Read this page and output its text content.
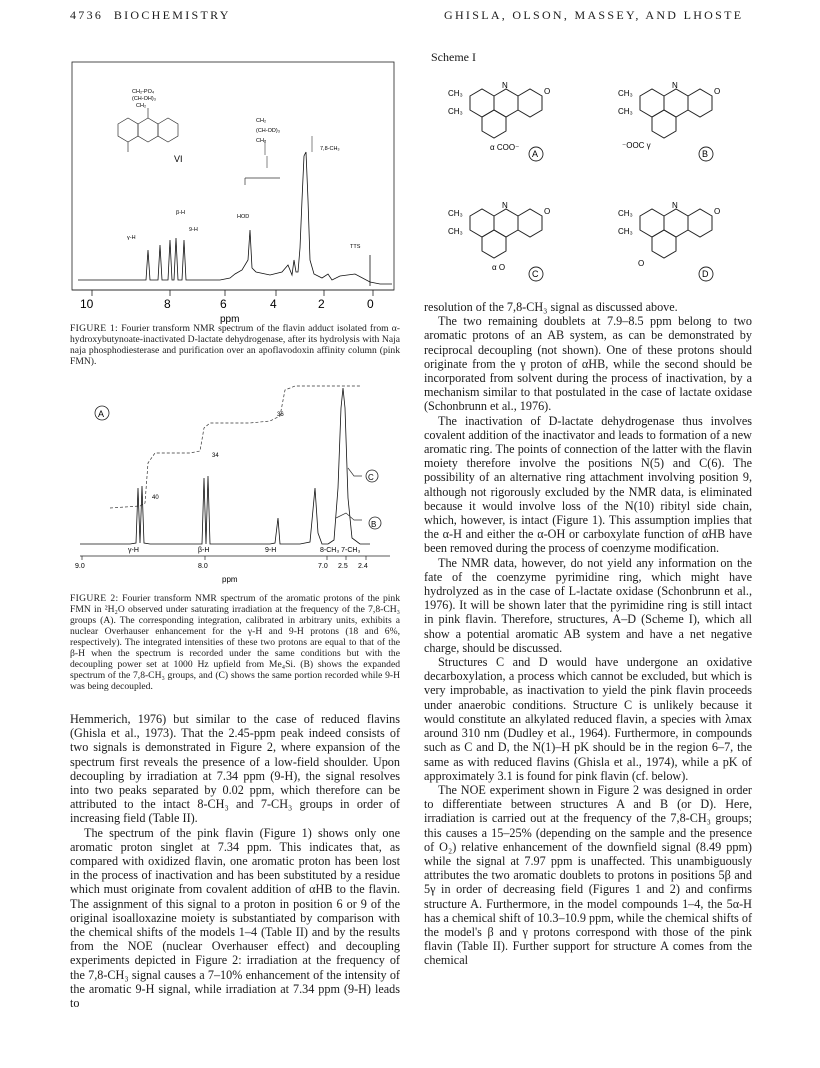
4736 BIOCHEMISTRY	GHISLA, OLSON, MASSEY, AND LHOSTE
CH₂-PO₄
(CH-OH)₃
CH₂
VI
CH₂
(CH-OD)₃
CH₂
7,8-CH₃
γ-H
β-H
9-H
HOD
TTS
10	8	6	4	2	0
ppm
FIGURE 1: Fourier transform NMR spectrum of the flavin adduct isolated from α-hydroxybutynoate-inactivated D-lactate dehydrogenase, after its hydrolysis with Naja naja phosphodiesterase and purification over an apoflavodoxin affinity column (pink FMN).
A
40
34
36
C
B
γ-H	β-H	9-H	8-CH₃ 7-CH₃
9.0	8.0	7.0 2.5 2.4
ppm
FIGURE 2: Fourier transform NMR spectrum of the aromatic protons of the pink FMN in ²H₂O observed under saturating irradiation at the frequency of the 7,8-CH₃ groups (A). The corresponding integration, calibrated in arbitrary units, exhibits a nuclear Overhauser enhancement for the γ-H and 9-H protons (18 and 6%, respectively). The integrated intensities of these two protons are equal to that of the β-H when the spectrum is recorded under the same conditions but with the decoupling power set at 1000 Hz upfield from Me₄Si. (B) shows the expanded spectrum of the 7,8-CH₃ groups, and (C) shows the same portion recorded while 9-H was being decoupled.

Hemmerich, 1976) but similar to the case of reduced flavins (Ghisla et al., 1973). That the 2.45-ppm peak indeed consists of two signals is demonstrated in Figure 2, where expansion of the spectrum first reveals the presence of a low-field shoulder. Upon decoupling by irradiation at 7.34 ppm (9-H), the signal resolves into two peaks separated by 0.02 ppm, which therefore can be attributed to the intact 8-CH₃ and 7-CH₃ groups in order of increasing field (Table II).

The spectrum of the pink flavin (Figure 1) shows only one aromatic proton singlet at 7.34 ppm. This indicates that, as compared with oxidized flavin, one aromatic proton has been lost in the process of inactivation and has been substituted by a residue which must originate from covalent addition of αHB to the flavin. The assignment of this signal to a proton in position 6 or 9 of the original isoalloxazine moiety is substantiated by comparison with the chemical shifts of the models 1–4 (Table II) and by the results from the NOE (nuclear Overhauser effect) and decoupling experiments depicted in Figure 2: irradiation at the frequency of the 7,8-CH₃ signal causes a 7–10% enhancement of the intensity of the aromatic 9-H signal, while irradiation at 7.34 ppm (9-H) leads to

Scheme I
CH₃
CH₃
N
O
α COO⁻
CH₃
CH₃
N
O
⁻OOC γ
CH₃
CH₃
N
O
α O
CH₃
CH₃
N
O
O
A	B
C	D

resolution of the 7,8-CH₃ signal as discussed above.

The two remaining doublets at 7.9–8.5 ppm belong to two aromatic protons of an AB system, as can be demonstrated by reciprocal decoupling (not shown). One of these protons should originate from the γ proton of αHB, while the second should be incorporated from solvent during the process of inactivation, by a mechanism similar to that postulated in the case of lactate oxidase (Schonbrunn et al., 1976).

The inactivation of D-lactate dehydrogenase thus involves covalent addition of the inactivator and leads to formation of a new aromatic ring. The points of connection of the latter with the flavin moiety therefore involve the positions N(5) and C(6). The possibility of an alternative ring attachment involving position 9, although not rigorously excluded by the NMR data, is eliminated because it would involve loss of the N(10) ribityl side chain, which, however, is intact (Figure 1). This assumption implies that the α-H and either the α-OH or carboxylate function of αHB have been removed during the process of coenzyme modification.

The NMR data, however, do not yield any information on the fate of the coenzyme pyrimidine ring, which might have hydrolyzed as in the case of L-lactate oxidase (Schonbrunn et al., 1976). It will be shown later that the pyrimidine ring is still intact in pink flavin. Therefore, structures, A–D (Scheme I), which all show a potential aromatic AB system and have a net negative charge, should be discussed.

Structures C and D would have undergone an oxidative decarboxylation, a process which cannot be excluded, but which is very improbable, as inactivation to yield the pink flavin proceeds under anaerobic conditions. Structure C is unlikely because it would constitute an alkylated reduced flavin, a species with λmax around 310 nm (Dudley et al., 1964). Furthermore, in compounds such as C and D, the N(1)–H pK should be in the region 6–7, the same as with reduced flavins (Ghisla et al., 1974), while a pK of approximately 3.1 is found for pink flavin (cf. below).

The NOE experiment shown in Figure 2 was designed in order to differentiate between structures A and B (or D). Here, irradiation is carried out at the frequency of the 7,8-CH₃ groups; this causes a 15–25% (depending on the sample and the presence of O₂) relative enhancement of the downfield signal (8.49 ppm) while the signal at 7.97 ppm is unaffected. This unambiguously attributes the two aromatic doublets to protons in positions 5β and 5γ in order of decreasing field (Figures 1 and 2) and confirms structure A. Furthermore, in the model compounds 1–4, the 5α-H has a chemical shift of 10.3–10.9 ppm, while the chemical shifts of the model's β and γ protons correspond with those of the pink flavin (Table II). Further support for structure A comes from the chemical
